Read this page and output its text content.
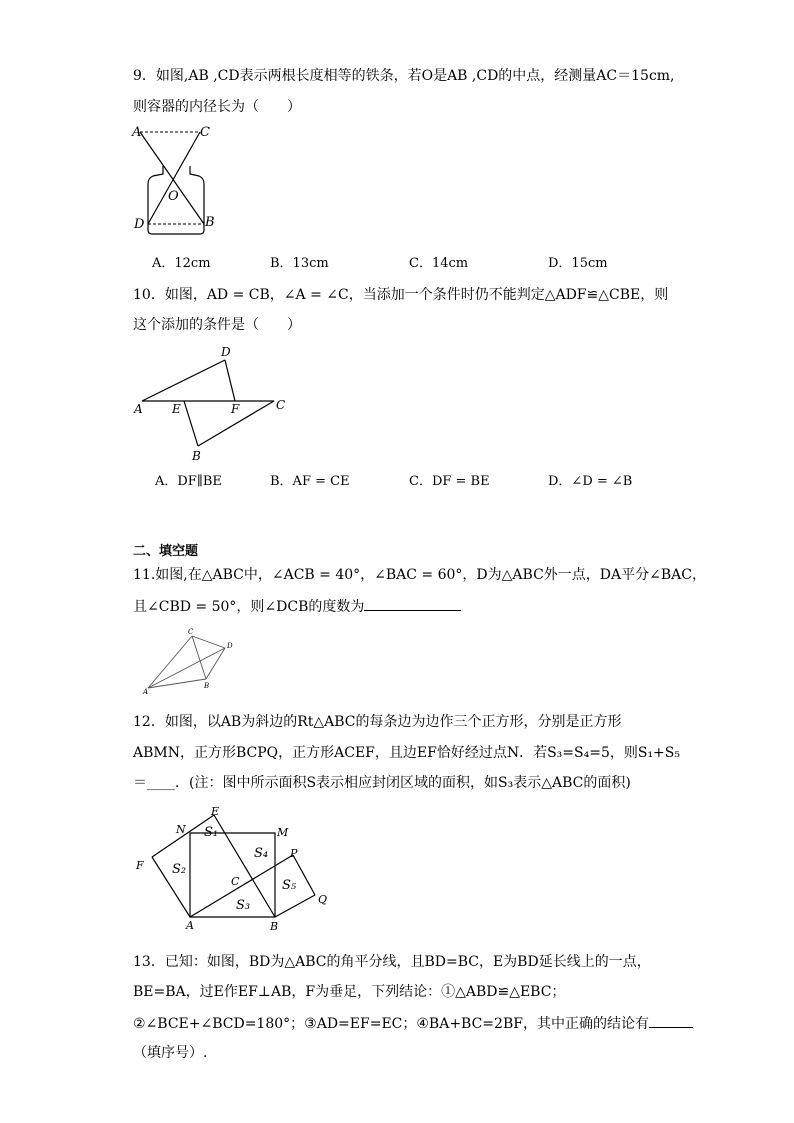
9．如图,AB ,CD表示两根长度相等的铁条，若O是AB ,CD的中点，经测量AC＝15cm,
则容器的内径长为（　　）
A	C
O
D	B
A．12cm	B．13cm	C．14cm	D．15cm
10．如图，AD = CB，∠A = ∠C，当添加一个条件时仍不能判定△ADF≌△CBE，则
这个添加的条件是（　　）
D
A E	F	C
B
A．DF∥BE	B．AF = CE	C．DF = BE	D．∠D = ∠B
二、填空题
11.如图,在△ABC中，∠ACB = 40°，∠BAC = 60°，D为△ABC外一点，DA平分∠BAC，
且∠CBD = 50°，则∠DCB的度数为
C
D
A
B
12．如图，以AB为斜边的Rt△ABC的每条边为边作三个正方形，分别是正方形
ABMN，正方形BCPQ，正方形ACEF，且边EF恰好经过点N．若S₃=S₄=5，则S₁+S₅
＝____．(注：图中所示面积S表示相应封闭区域的面积，如S₃表示△ABC的面积)
E
N	M
F
P
C
Q
A	B
S₁
S₂
S₃
S₄
S₅
13．已知：如图，BD为△ABC的角平分线，且BD=BC，E为BD延长线上的一点，
BE=BA，过E作EF⊥AB，F为垂足，下列结论：①△ABD≌△EBC；
②∠BCE+∠BCD=180°；③AD=EF=EC；④BA+BC=2BF，其中正确的结论有
（填序号）.
